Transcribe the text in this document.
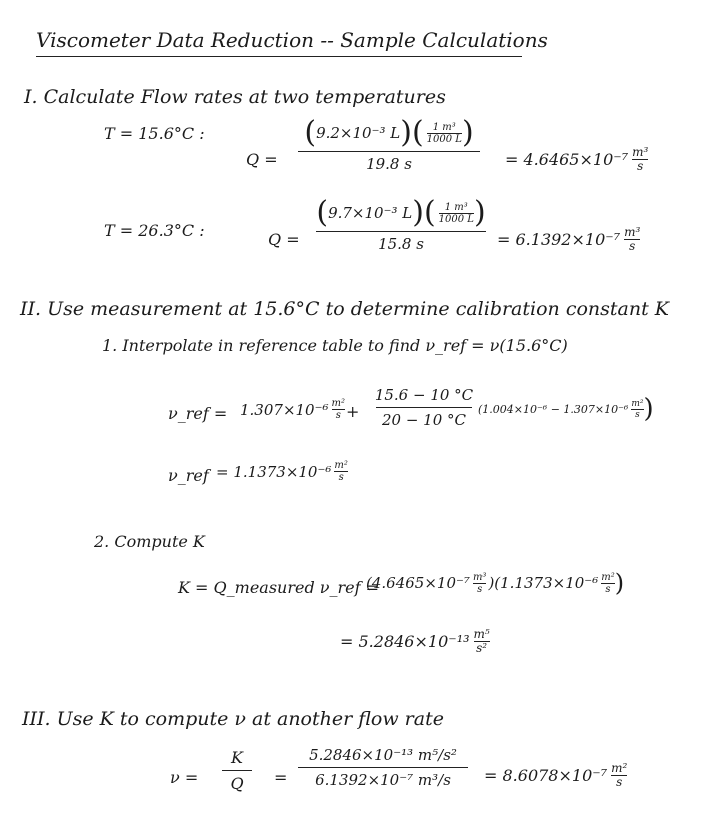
Viscometer Data Reduction -- Sample Calculations
I. Calculate Flow rates at two temperatures
T = 15.6°C :
Q =
( 9.2×10⁻³ L )( 1 m³
1000 L )
19.8 s	= 4.6465×10⁻⁷ m³
s
T = 26.3°C :	Q =
( 9.7×10⁻³ L )( 1 m³
1000 L )
15.8 s	= 6.1392×10⁻⁷ m³
s
II. Use measurement at 15.6°C to determine calibration constant K
1. Interpolate in reference table to find ν_ref = ν(15.6°C)
ν_ref = 1.307×10⁻⁶ m²
s +
15.6 − 10 °C
20 − 10 °C
(1.004×10⁻⁶ − 1.307×10⁻⁶ m²
s )
ν_ref = 1.1373×10⁻⁶ m²
s
2. Compute K
K = Q_measured ν_ref =
(4.6465×10⁻⁷ m³
s )(1.1373×10⁻⁶ m²
s )
= 5.2846×10⁻¹³ m⁵
s²
III. Use K to compute ν at another flow rate
ν =
K
Q =
5.2846×10⁻¹³ m⁵/s²
6.1392×10⁻⁷ m³/s = 8.6078×10⁻⁷ m²
s
